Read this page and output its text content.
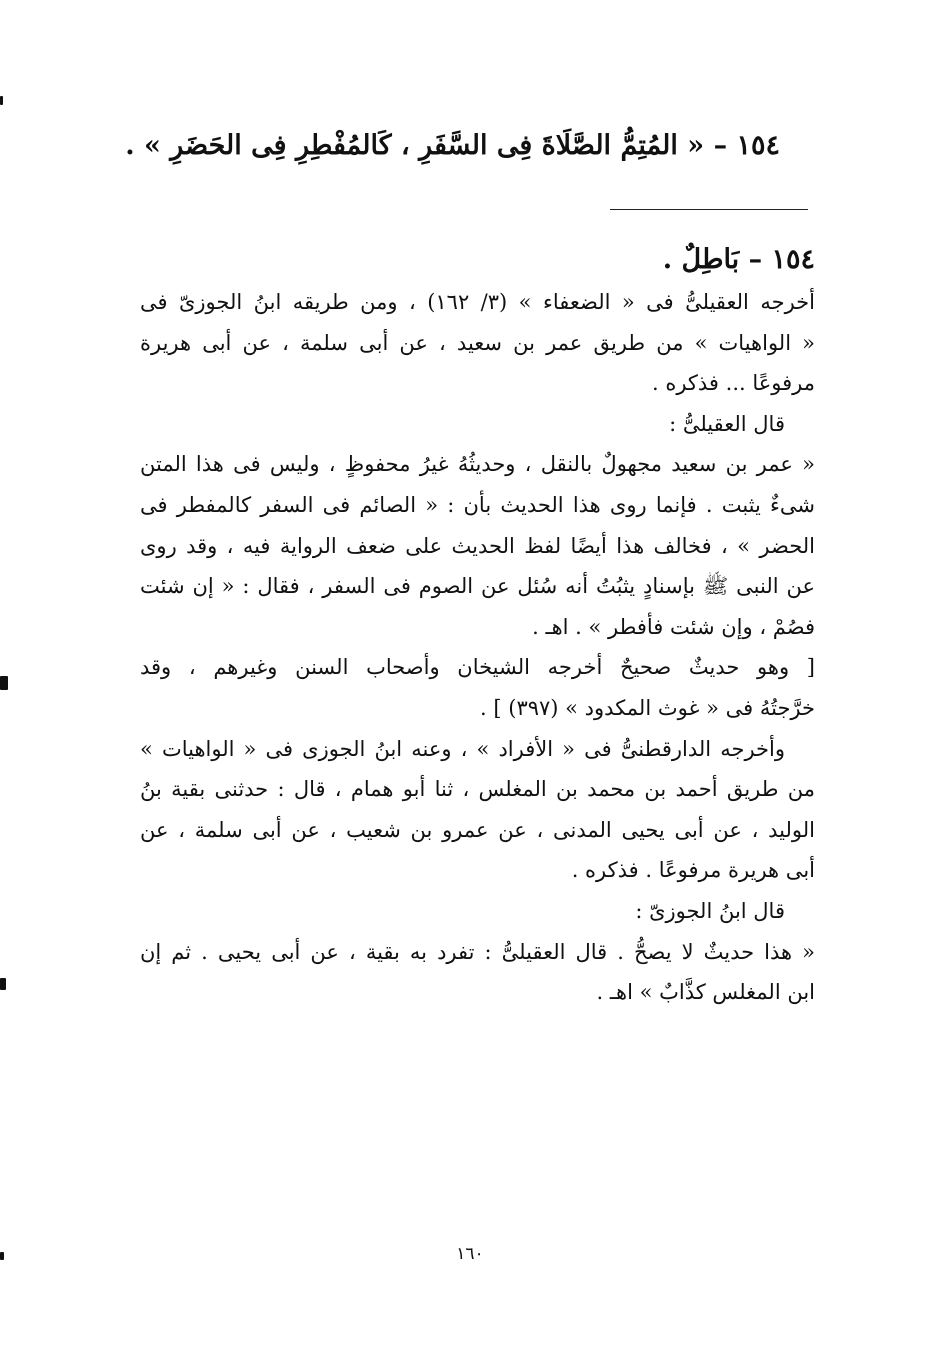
١٥٤ – « المُتِمُّ الصَّلَاةَ فِى السَّفَرِ ، كَالمُفْطِرِ فِى الحَضَرِ » .

١٥٤ – بَاطِلٌ .

أخرجه العقيلىُّ فى « الضعفاء » (٣/ ١٦٢) ، ومن طريقه ابنُ الجوزىّ فى
« الواهيات » من طريق عمر بن سعيد ، عن أبى سلمة ، عن أبى هريرة
مرفوعًا ... فذكره .
قال العقيلىُّ :
« عمر بن سعيد مجهولٌ بالنقل ، وحديثُهُ غيرُ محفوظٍ ، وليس فى هذا المتن
شىءٌ يثبت . فإنما روى هذا الحديث بأن : « الصائم فى السفر كالمفطر فى
الحضر » ، فخالف هذا أيضًا لفظ الحديث على ضعف الرواية فيه ، وقد روى
عن النبى ﷺ بإسنادٍ يثبُتُ أنه سُئل عن الصوم فى السفر ، فقال : « إن شئت
فصُمْ ، وإن شئت فأفطر » . اهـ .
[ وهو حديثٌ صحيحٌ أخرجه الشيخان وأصحاب السنن وغيرهم ، وقد
خرَّجتُهُ فى « غوث المكدود » (٣٩٧) ] .
وأخرجه الدارقطنىُّ فى « الأفراد » ، وعنه ابنُ الجوزى فى « الواهيات »
من طريق أحمد بن محمد بن المغلس ، ثنا أبو همام ، قال : حدثنى بقية بنُ
الوليد ، عن أبى يحيى المدنى ، عن عمرو بن شعيب ، عن أبى سلمة ، عن
أبى هريرة مرفوعًا . فذكره .
قال ابنُ الجوزىّ :
« هذا حديثٌ لا يصحُّ . قال العقيلىُّ : تفرد به بقية ، عن أبى يحيى . ثم إن
ابن المغلس كذَّابٌ » اهـ .
١٦٠
